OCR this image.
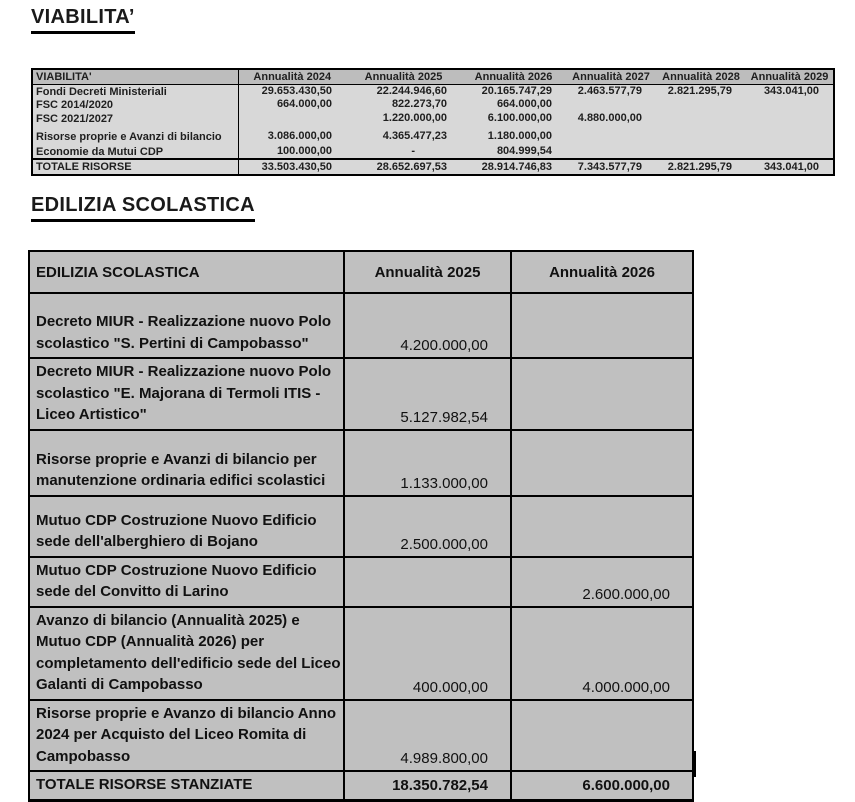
VIABILITA’
VIABILITA'	Annualità 2024	Annualità 2025	Annualità 2026	Annualità 2027	Annualità 2028	Annualità 2029
Fondi Decreti Ministeriali	29.653.430,50	22.244.946,60	20.165.747,29	2.463.577,79	2.821.295,79	343.041,00
FSC 2014/2020	664.000,00	822.273,70	664.000,00			
FSC 2021/2027		1.220.000,00	6.100.000,00	4.880.000,00		
Risorse proprie e Avanzi di bilancio	3.086.000,00	4.365.477,23	1.180.000,00			
Economie da Mutui CDP	100.000,00	-	804.999,54			
TOTALE RISORSE	33.503.430,50	28.652.697,53	28.914.746,83	7.343.577,79	2.821.295,79	343.041,00
EDILIZIA SCOLASTICA
EDILIZIA SCOLASTICA	Annualità 2025	Annualità 2026
Decreto MIUR - Realizzazione nuovo Polo scolastico "S. Pertini di Campobasso"	4.200.000,00	
Decreto MIUR - Realizzazione nuovo Polo scolastico "E. Majorana di Termoli ITIS - Liceo Artistico"	5.127.982,54	
Risorse proprie e Avanzi di bilancio per manutenzione ordinaria edifici scolastici	1.133.000,00	
Mutuo CDP Costruzione Nuovo Edificio sede dell'alberghiero di Bojano	2.500.000,00	
Mutuo CDP Costruzione Nuovo Edificio sede del Convitto di Larino		2.600.000,00
Avanzo di bilancio (Annualità 2025) e Mutuo CDP (Annualità 2026) per completamento dell'edificio sede del Liceo Galanti di Campobasso	400.000,00	4.000.000,00
Risorse proprie e Avanzo di bilancio Anno 2024 per Acquisto del Liceo Romita di Campobasso	4.989.800,00	
TOTALE RISORSE STANZIATE	18.350.782,54	6.600.000,00
